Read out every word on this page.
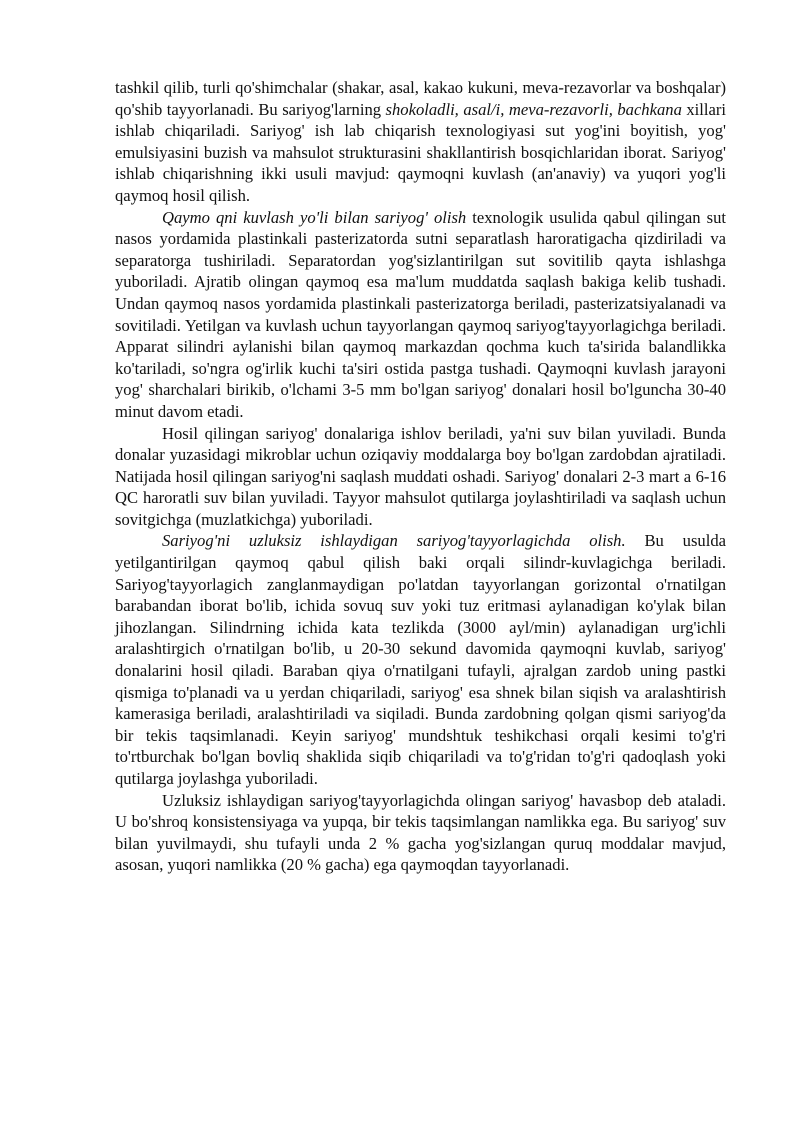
tashkil qilib, turli qo'shimchalar (shakar, asal, kakao kukuni, meva-rezavorlar va boshqalar) qo'shib tayyorlanadi. Bu sariyog'larning shokoladli, asal/i, meva-rezavorli, bachkana xillari ishlab chiqariladi. Sariyog' ish lab chiqarish texnologiyasi sut yog'ini boyitish, yog' emulsiyasini buzish va mahsulot strukturasini shakllantirish bosqichlaridan iborat. Sariyog' ishlab chiqarishning ikki usuli mavjud: qaymoqni kuvlash (an'anaviy) va yuqori yog'li qaymoq hosil qilish.

Qaymo qni kuvlash yo'li bilan sariyog' olish texnologik usulida qabul qilingan sut nasos yordamida plastinkali pasterizatorda sutni separatlash haroratigacha qizdiriladi va separatorga tushiriladi. Separatordan yog'sizlantirilgan sut sovitilib qayta ishlashga yuboriladi. Ajratib olingan qaymoq esa ma'lum muddatda saqlash bakiga kelib tushadi. Undan qaymoq nasos yordamida plastinkali pasterizatorga beriladi, pasterizatsiyalanadi va sovitiladi. Yetilgan va kuvlash uchun tayyorlangan qaymoq sariyog'tayyorlagichga beriladi. Apparat silindri aylanishi bilan qaymoq markazdan qochma kuch ta'sirida balandlikka ko'tariladi, so'ngra og'irlik kuchi ta'siri ostida pastga tushadi. Qaymoqni kuvlash jarayoni yog' sharchalari birikib, o'lchami 3-5 mm bo'lgan sariyog' donalari hosil bo'lguncha 30-40 minut davom etadi.

Hosil qilingan sariyog' donalariga ishlov beriladi, ya'ni suv bilan yuviladi. Bunda donalar yuzasidagi mikroblar uchun oziqaviy moddalarga boy bo'lgan zardobdan ajratiladi. Natijada hosil qilingan sariyog'ni saqlash muddati oshadi. Sariyog' donalari 2-3 mart a 6-16 QC haroratli suv bilan yuviladi. Tayyor mahsulot qutilarga joylashtiriladi va saqlash uchun sovitgichga (muzlatkichga) yuboriladi.

Sariyog'ni uzluksiz ishlaydigan sariyog'tayyorlagichda olish. Bu usulda yetilgantirilgan qaymoq qabul qilish baki orqali silindr-kuvlagichga beriladi. Sariyog'tayyorlagich zanglanmaydigan po'latdan tayyorlangan gorizontal o'rnatilgan barabandan iborat bo'lib, ichida sovuq suv yoki tuz eritmasi aylanadigan ko'ylak bilan jihozlangan. Silindrning ichida kata tezlikda (3000 ayl/min) aylanadigan urg'ichli aralashtirgich o'rnatilgan bo'lib, u 20-30 sekund davomida qaymoqni kuvlab, sariyog' donalarini hosil qiladi. Baraban qiya o'rnatilgani tufayli, ajralgan zardob uning pastki qismiga to'planadi va u yerdan chiqariladi, sariyog' esa shnek bilan siqish va aralashtirish kamerasiga beriladi, aralashtiriladi va siqiladi. Bunda zardobning qolgan qismi sariyog'da bir tekis taqsimlanadi. Keyin sariyog' mundshtuk teshikchasi orqali kesimi to'g'ri to'rtburchak bo'lgan bovliq shaklida siqib chiqariladi va to'g'ridan to'g'ri qadoqlash yoki qutilarga joylashga yuboriladi.

Uzluksiz ishlaydigan sariyog'tayyorlagichda olingan sariyog' havasbop deb ataladi. U bo'shroq konsistensiyaga va yupqa, bir tekis taqsimlangan namlikka ega. Bu sariyog' suv bilan yuvilmaydi, shu tufayli unda 2 % gacha yog'sizlangan quruq moddalar mavjud, asosan, yuqori namlikka (20 % gacha) ega qaymoqdan tayyorlanadi.
